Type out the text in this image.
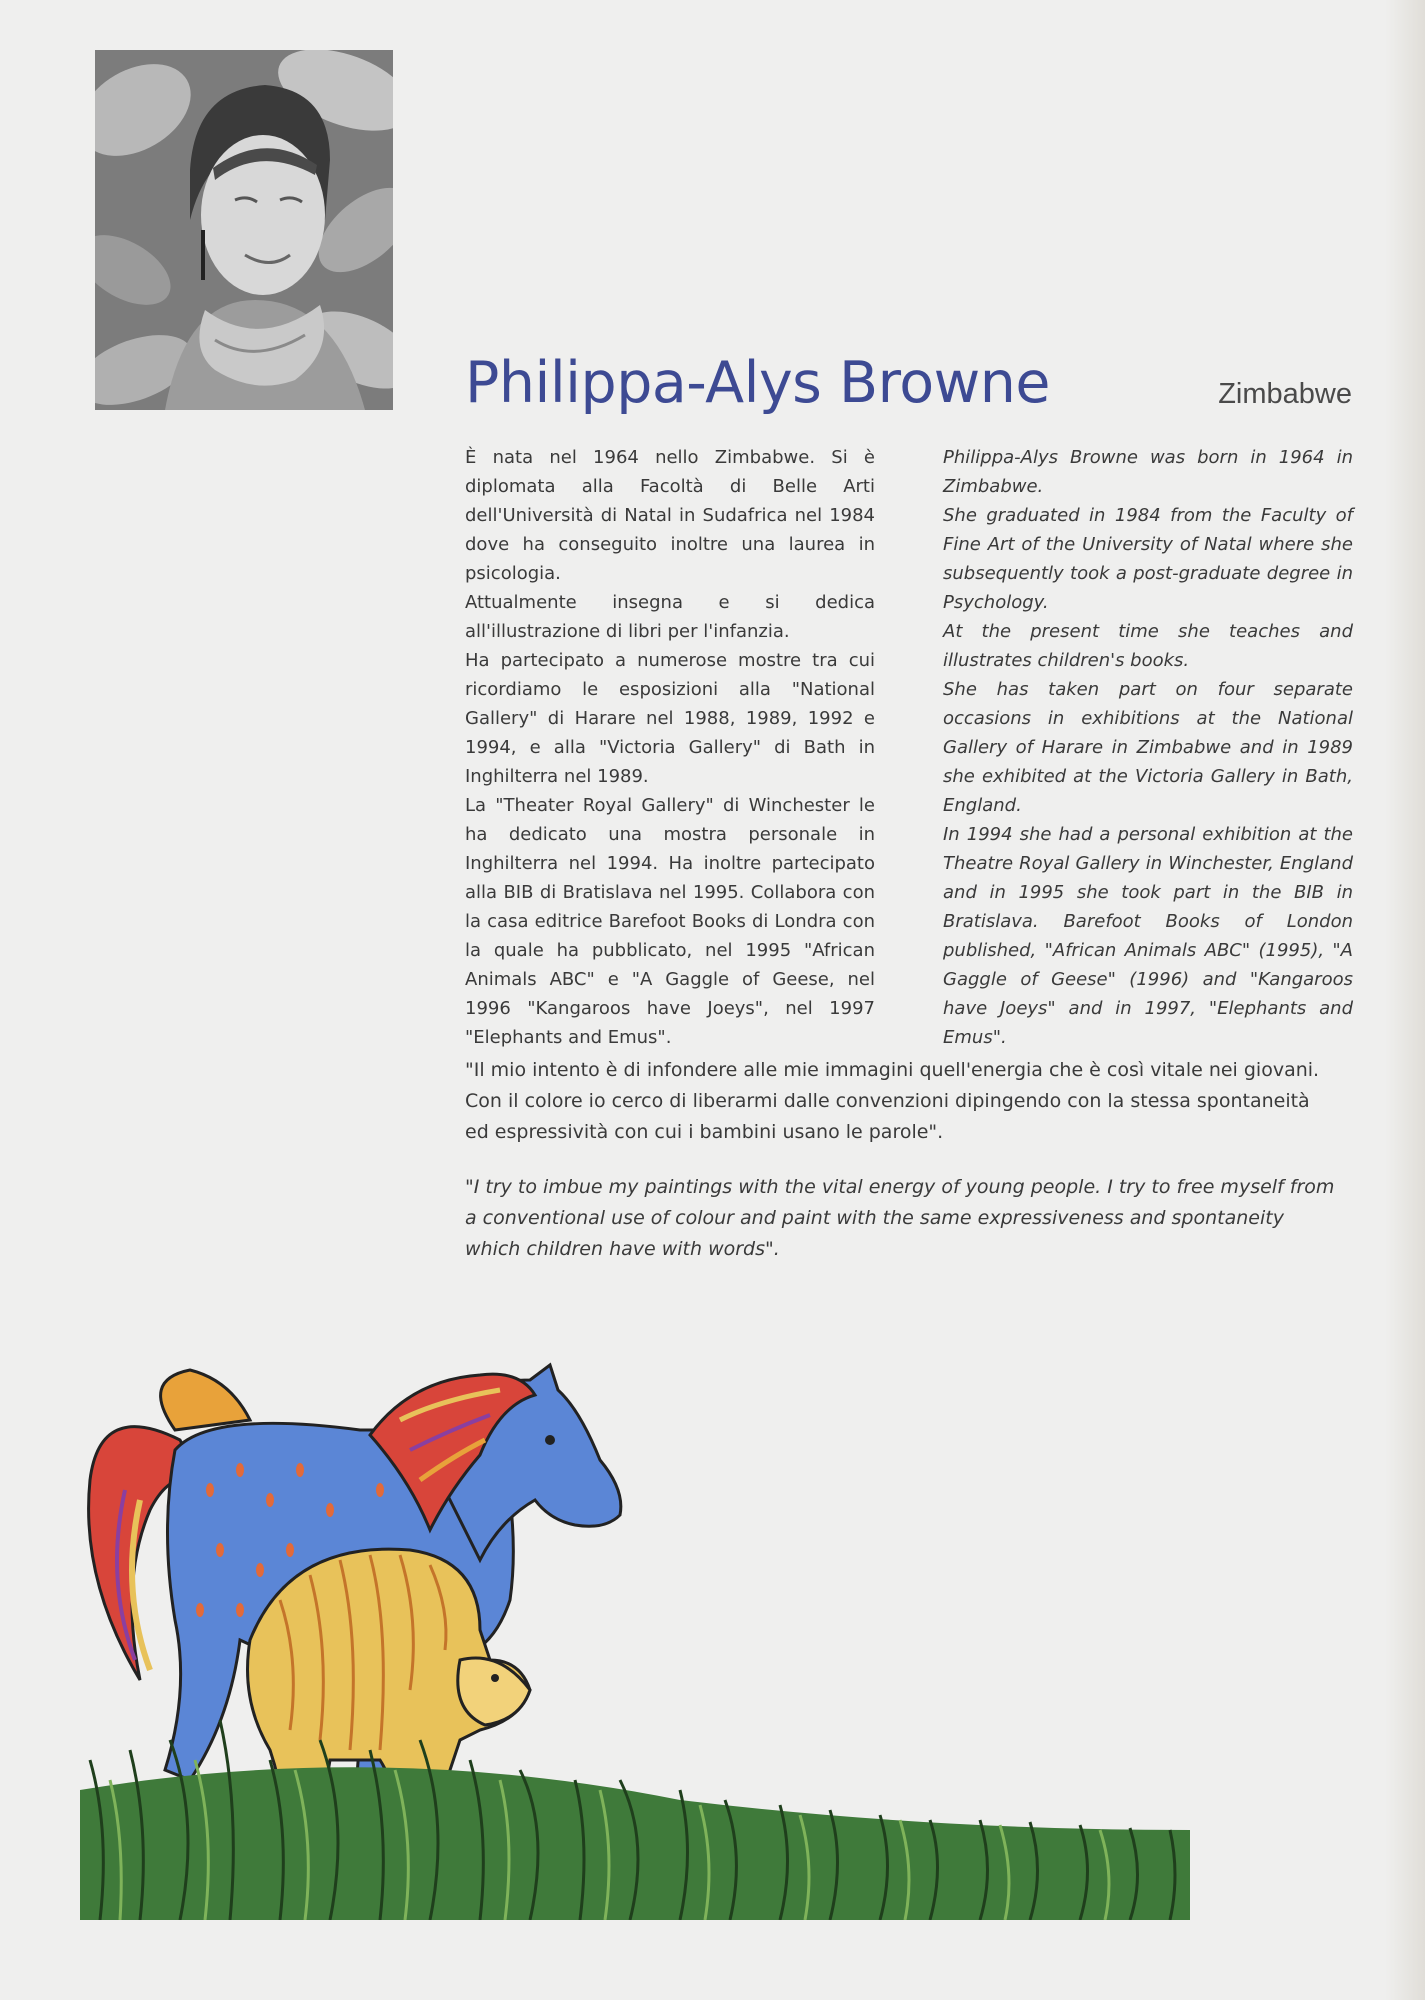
Philippa-Alys Browne	Zimbabwe

È nata nel 1964 nello Zimbabwe. Si è diplomata alla Facoltà di Belle Arti dell'Università di Natal in Sudafrica nel 1984 dove ha conseguito inoltre una laurea in psicologia.

Attualmente insegna e si dedica all'illustrazione di libri per l'infanzia.

Ha partecipato a numerose mostre tra cui ricordiamo le esposizioni alla "National Gallery" di Harare nel 1988, 1989, 1992 e 1994, e alla "Victoria Gallery" di Bath in Inghilterra nel 1989.

La "Theater Royal Gallery" di Winchester le ha dedicato una mostra personale in Inghilterra nel 1994. Ha inoltre partecipato alla BIB di Bratislava nel 1995. Collabora con la casa editrice Barefoot Books di Londra con la quale ha pubblicato, nel 1995 "African Animals ABC" e "A Gaggle of Geese, nel 1996 "Kangaroos have Joeys", nel 1997 "Elephants and Emus".

Philippa-Alys Browne was born in 1964 in Zimbabwe.

She graduated in 1984 from the Faculty of Fine Art of the University of Natal where she subsequently took a post-graduate degree in Psychology.

At the present time she teaches and illustrates children's books.

She has taken part on four separate occasions in exhibitions at the National Gallery of Harare in Zimbabwe and in 1989 she exhibited at the Victoria Gallery in Bath, England.

In 1994 she had a personal exhibition at the Theatre Royal Gallery in Winchester, England and in 1995 she took part in the BIB in Bratislava. Barefoot Books of London published, "African Animals ABC" (1995), "A Gaggle of Geese" (1996) and "Kangaroos have Joeys" and in 1997, "Elephants and Emus".

"Il mio intento è di infondere alle mie immagini quell'energia che è così vitale nei giovani. Con il colore io cerco di liberarmi dalle convenzioni dipingendo con la stessa spontaneità ed espressività con cui i bambini usano le parole".

"I try to imbue my paintings with the vital energy of young people. I try to free myself from a conventional use of colour and paint with the same expressiveness and spontaneity which children have with words".
